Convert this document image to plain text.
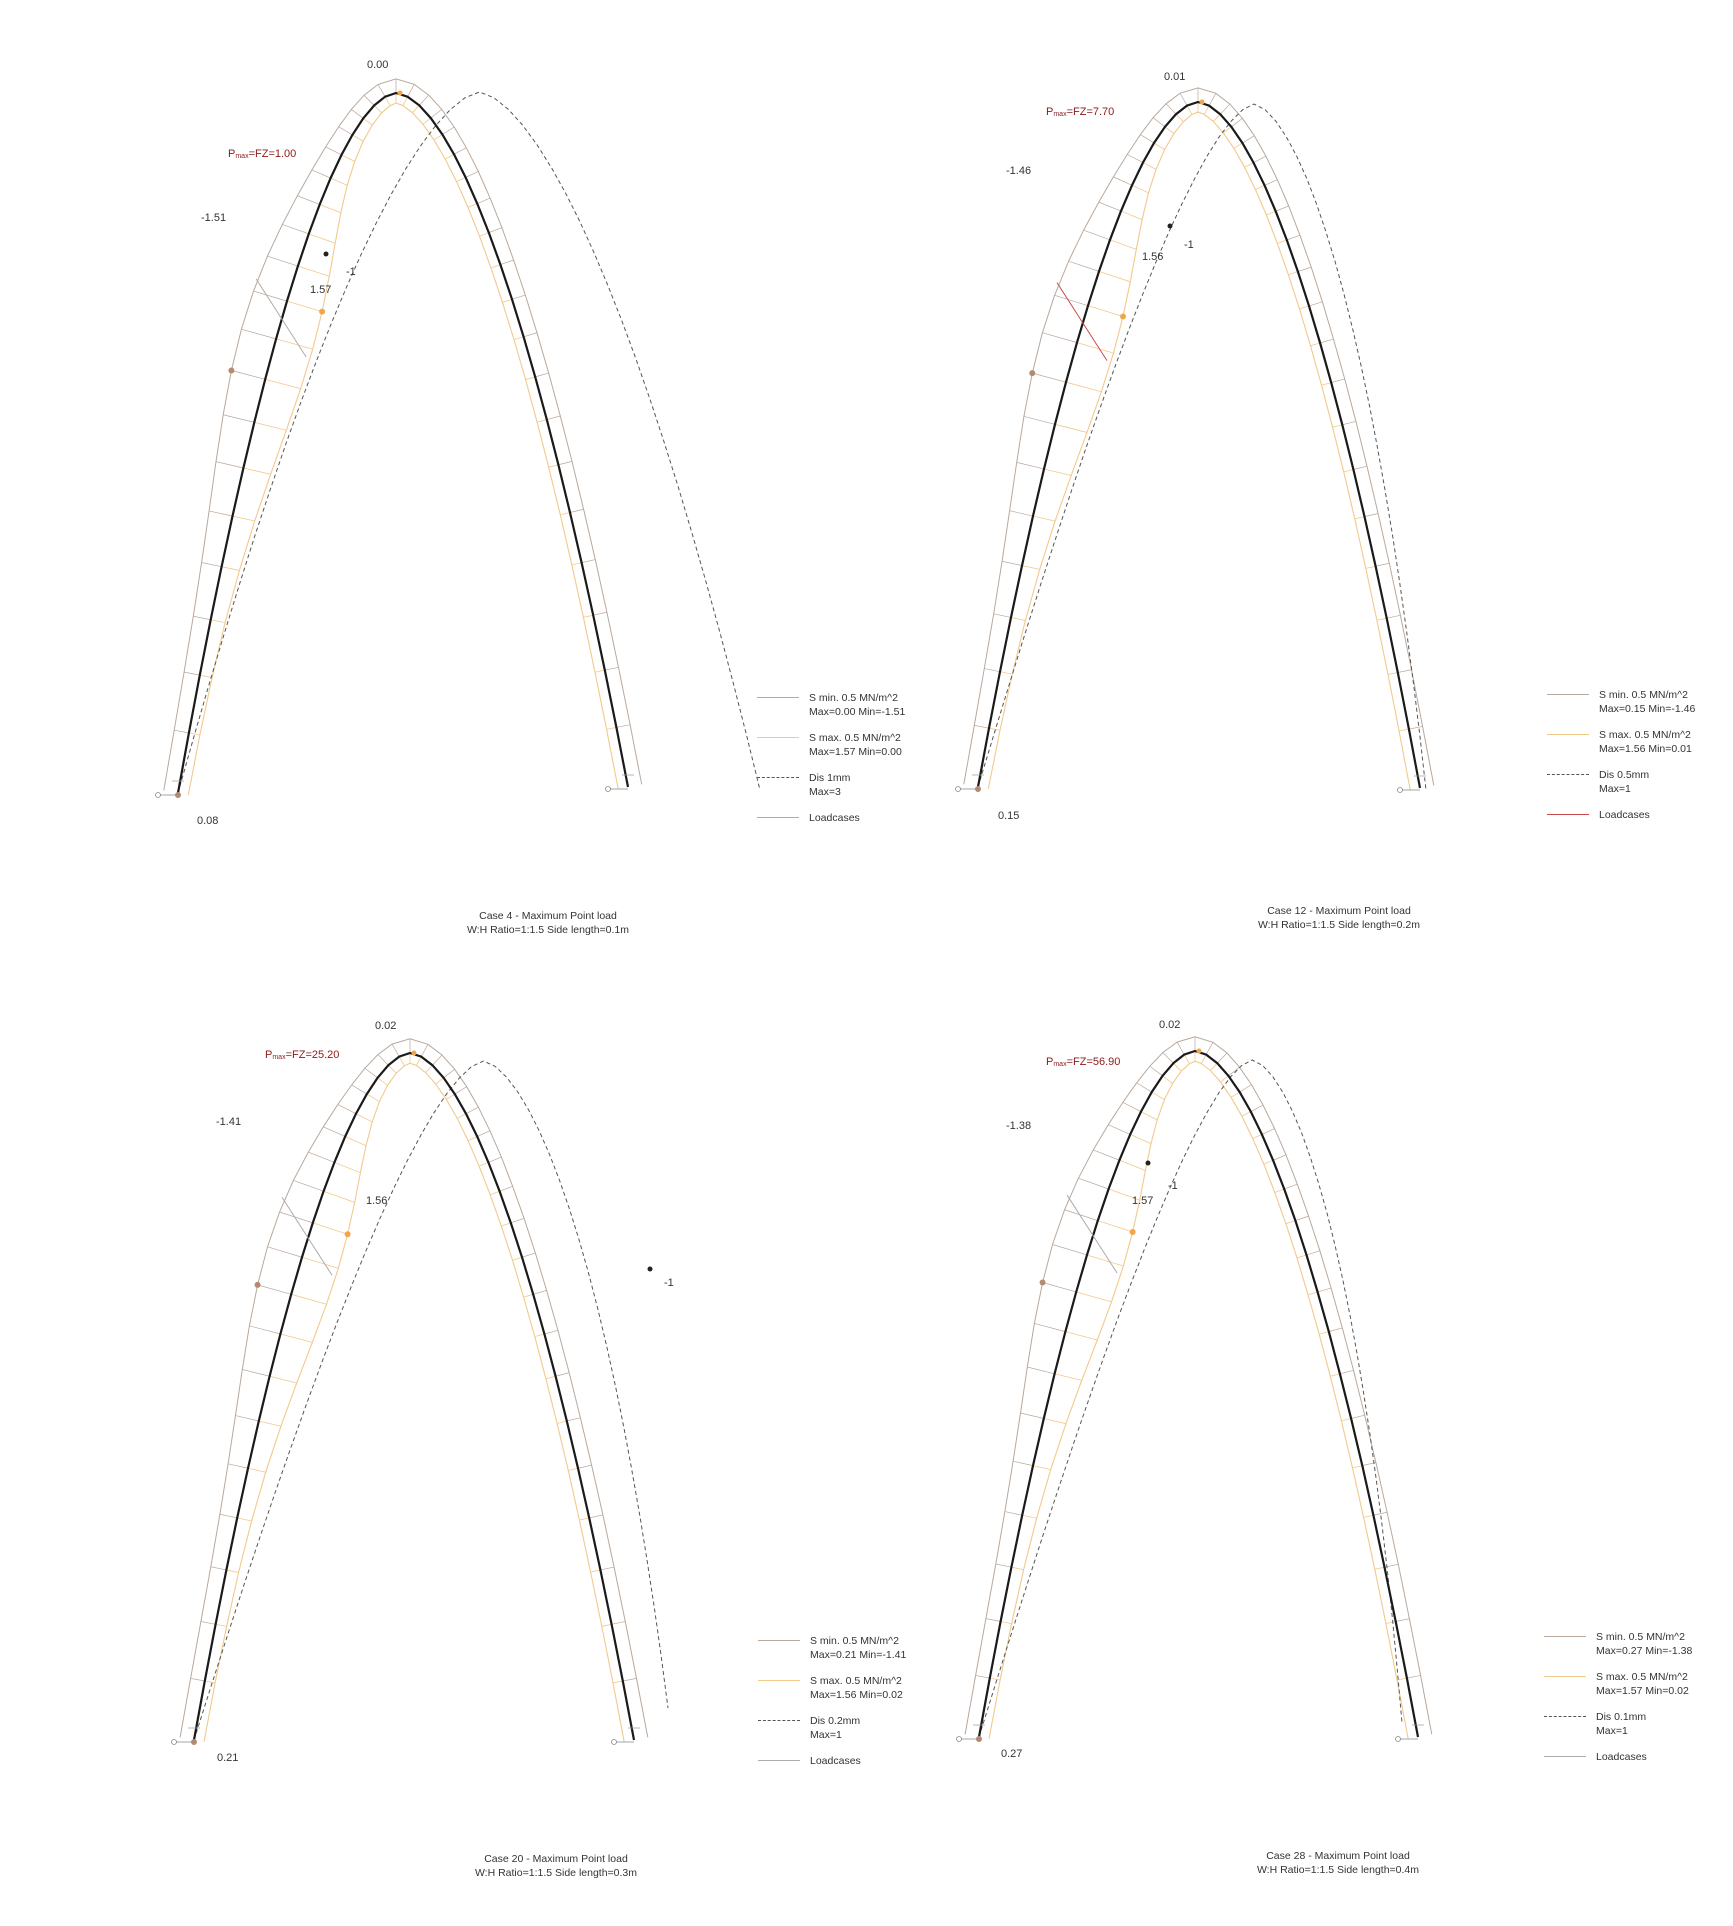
0.00
$P_{max}=FZ=1.00$
-1.51
1.57
-1
0.08
S min. 0.5 MN/m^2
Max=0.00 Min=-1.51
S max. 0.5 MN/m^2
Max=1.57 Min=0.00
Dis 1mm
Max=3
Loadcases
Case 4 - Maximum Point load
W:H Ratio=1:1.5 Side length=0.1m
0.01
$P_{max}=FZ=7.70$
-1.46
1.56
-1
0.15
S min. 0.5 MN/m^2
Max=0.15 Min=-1.46
S max. 0.5 MN/m^2
Max=1.56 Min=0.01
Dis 0.5mm
Max=1
Loadcases
Case 12 - Maximum Point load
W:H Ratio=1:1.5 Side length=0.2m
0.02
$P_{max}=FZ=25.20$
-1.41
1.56
-1
0.21
S min. 0.5 MN/m^2
Max=0.21 Min=-1.41
S max. 0.5 MN/m^2
Max=1.56 Min=0.02
Dis 0.2mm
Max=1
Loadcases
Case 20 - Maximum Point load
W:H Ratio=1:1.5 Side length=0.3m
0.02
$P_{max}=FZ=56.90$
-1.38
1.57
-1
0.27
S min. 0.5 MN/m^2
Max=0.27 Min=-1.38
S max. 0.5 MN/m^2
Max=1.57 Min=0.02
Dis 0.1mm
Max=1
Loadcases
Case 28 - Maximum Point load
W:H Ratio=1:1.5 Side length=0.4m
